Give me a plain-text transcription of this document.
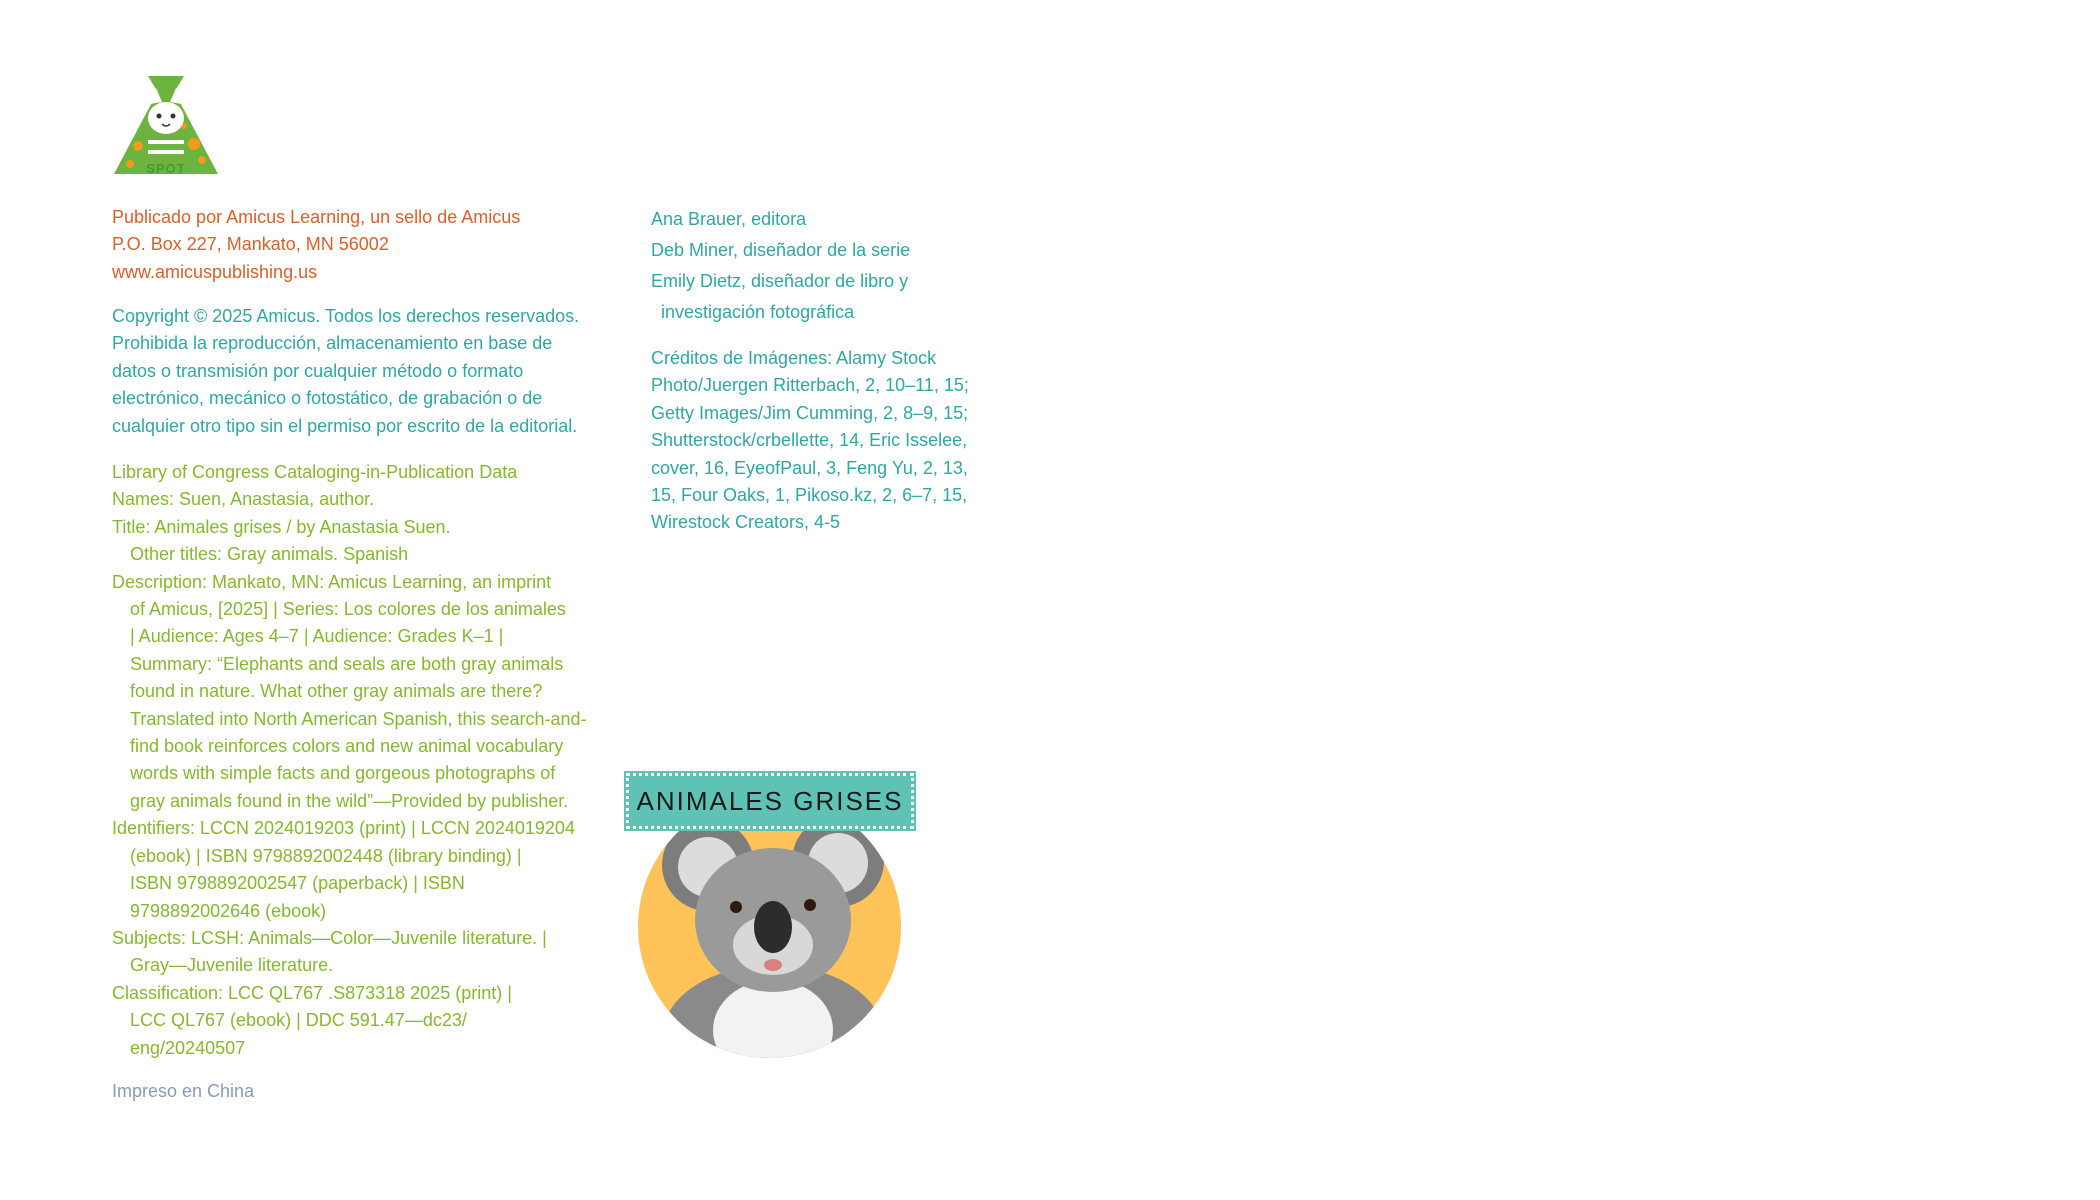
SPOT
Publicado por Amicus Learning, un sello de Amicus
P.O. Box 227, Mankato, MN 56002
www.amicuspublishing.us
Copyright © 2025 Amicus. Todos los derechos reservados.
Prohibida la reproducción, almacenamiento en base de
datos o transmisión por cualquier método o formato
electrónico, mecánico o fotostático, de grabación o de
cualquier otro tipo sin el permiso por escrito de la editorial.
Library of Congress Cataloging-in-Publication Data
Names: Suen, Anastasia, author.
Title: Animales grises / by Anastasia Suen.
Other titles: Gray animals. Spanish
Description: Mankato, MN: Amicus Learning, an imprint
of Amicus, [2025] | Series: Los colores de los animales
| Audience: Ages 4–7 | Audience: Grades K–1 |
Summary: “Elephants and seals are both gray animals
found in nature. What other gray animals are there?
Translated into North American Spanish, this search-and-
find book reinforces colors and new animal vocabulary
words with simple facts and gorgeous photographs of
gray animals found in the wild”—Provided by publisher.
Identifiers: LCCN 2024019203 (print) | LCCN 2024019204
(ebook) | ISBN 9798892002448 (library binding) |
ISBN 9798892002547 (paperback) | ISBN
9798892002646 (ebook)
Subjects: LCSH: Animals—Color—Juvenile literature. |
Gray—Juvenile literature.
Classification: LCC QL767 .S873318 2025 (print) |
LCC QL767 (ebook) | DDC 591.47—dc23/
eng/20240507
Impreso en China
Ana Brauer, editora
Deb Miner, diseñador de la serie
Emily Dietz, diseñador de libro y
investigación fotográfica
Créditos de Imágenes: Alamy Stock
Photo/Juergen Ritterbach, 2, 10–11, 15;
Getty Images/Jim Cumming, 2, 8–9, 15;
Shutterstock/crbellette, 14, Eric Isselee,
cover, 16, EyeofPaul, 3, Feng Yu, 2, 13,
15, Four Oaks, 1, Pikoso.kz, 2, 6–7, 15,
Wirestock Creators, 4-5
ANIMALES GRISES
